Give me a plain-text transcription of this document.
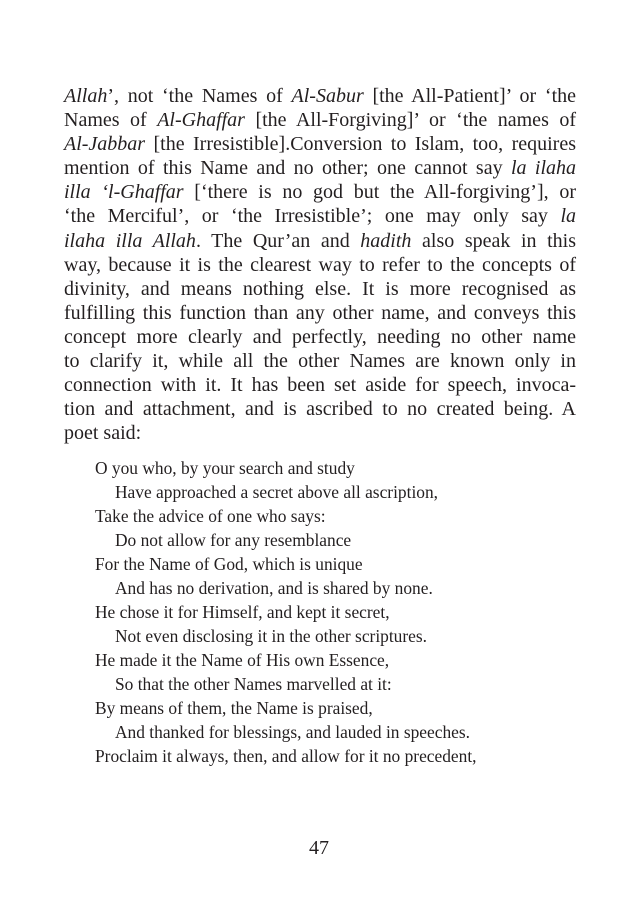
Allah’, not ‘the Names of Al-Sabur [the All-Patient]’ or ‘the
Names of Al-Ghaffar [the All-Forgiving]’ or ‘the names of
Al-Jabbar [the Irresistible].Conversion to Islam, too, requires
mention of this Name and no other; one cannot say la ilaha
illa ‘l-Ghaffar [‘there is no god but the All-forgiving’], or
‘the Merciful’, or ‘the Irresistible’; one may only say la
ilaha illa Allah. The Qur’an and hadith also speak in this
way, because it is the clearest way to refer to the concepts of
divinity, and means nothing else. It is more recognised as
fulfilling this function than any other name, and conveys this
concept more clearly and perfectly, needing no other name
to clarify it, while all the other Names are known only in
connection with it. It has been set aside for speech, invoca-
tion and attachment, and is ascribed to no created being. A
poet said:
O you who, by your search and study
Have approached a secret above all ascription,
Take the advice of one who says:
Do not allow for any resemblance
For the Name of God, which is unique
And has no derivation, and is shared by none.
He chose it for Himself, and kept it secret,
Not even disclosing it in the other scriptures.
He made it the Name of His own Essence,
So that the other Names marvelled at it:
By means of them, the Name is praised,
And thanked for blessings, and lauded in speeches.
Proclaim it always, then, and allow for it no precedent,
47
